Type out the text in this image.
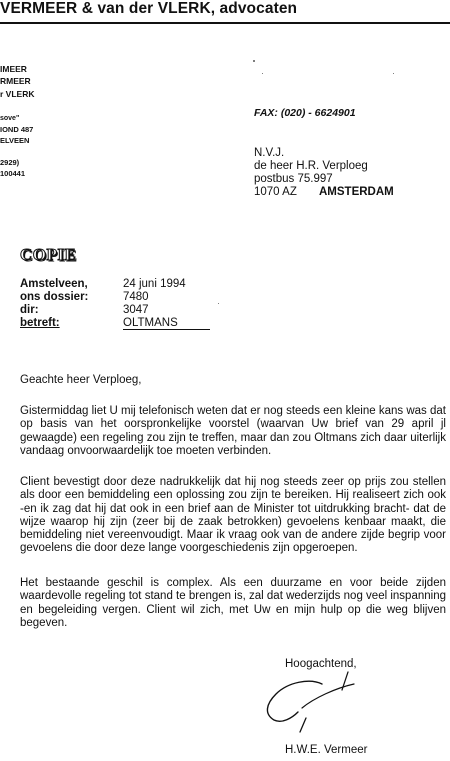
VERMEER & van der VLERK, advocaten
IMEER
RMEER
r VLERK
sove"
IOND 487
ELVEEN
2929)
100441
FAX: (020) - 6624901
N.V.J.
de heer H.R. Verploeg
postbus 75.997
1070 AZ AMSTERDAM
COPIE
Amstelveen,	24 juni 1994
ons dossier:	7480
dir:	3047
betreft:	OLTMANS
Geachte heer Verploeg,
Gistermiddag liet U mij telefonisch weten dat er nog steeds een kleine kans was dat op basis van het oorspronkelijke voorstel (waarvan Uw brief van 29 april jl gewaagde) een regeling zou zijn te treffen, maar dan zou Oltmans zich daar uiterlijk vandaag onvoorwaardelijk toe moeten verbinden.
Client bevestigt door deze nadrukkelijk dat hij nog steeds zeer op prijs zou stellen als door een bemiddeling een oplossing zou zijn te bereiken. Hij realiseert zich ook -en ik zag dat hij dat ook in een brief aan de Minister tot uitdrukking bracht- dat de wijze waarop hij zijn (zeer bij de zaak betrokken) gevoelens kenbaar maakt, die bemiddeling niet vereenvoudigt. Maar ik vraag ook van de andere zijde begrip voor gevoelens die door deze lange voorgeschiedenis zijn opgeroepen.
Het bestaande geschil is complex. Als een duurzame en voor beide zijden waardevolle regeling tot stand te brengen is, zal dat wederzijds nog veel inspanning en begeleiding vergen. Client wil zich, met Uw en mijn hulp op die weg blijven begeven.
Hoogachtend,
H.W.E. Vermeer
